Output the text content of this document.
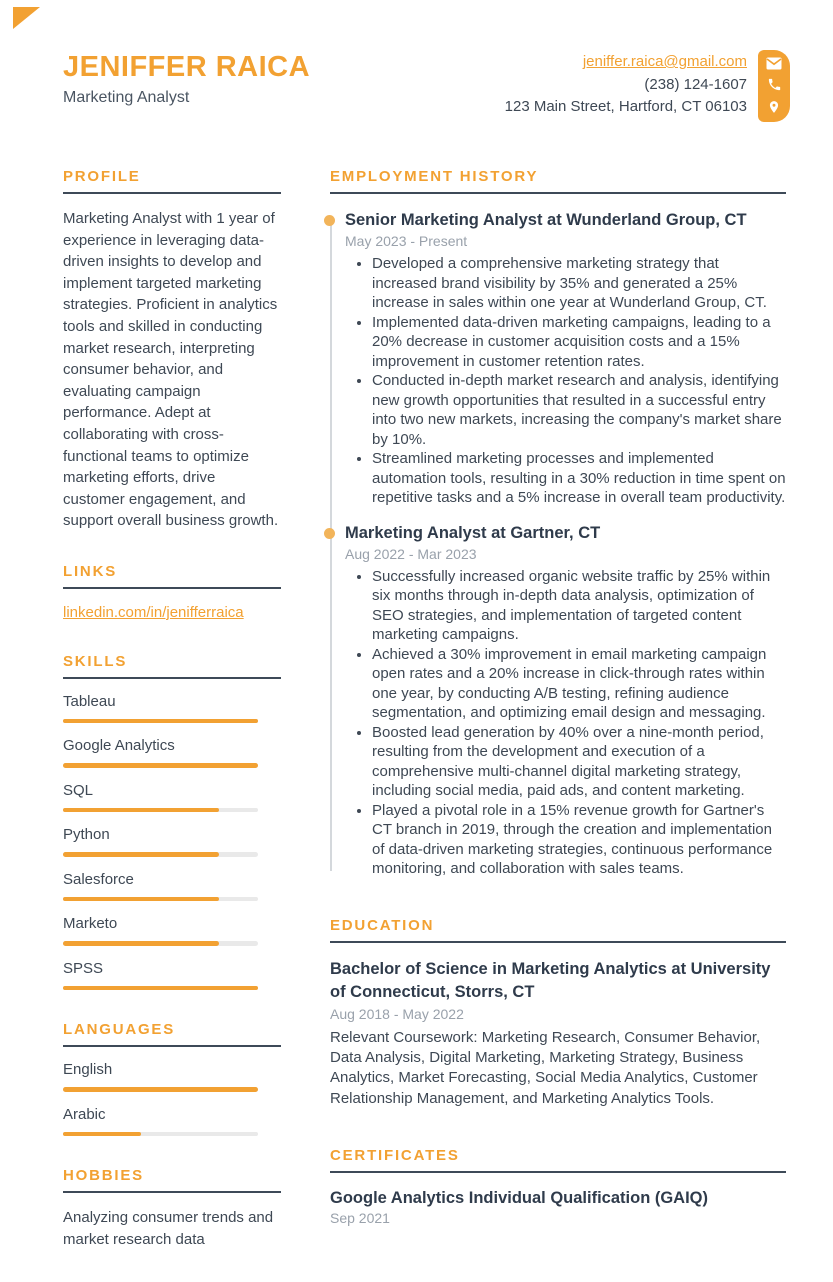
JENIFFER RAICA
Marketing Analyst
jeniffer.raica@gmail.com
(238) 124-1607
123 Main Street, Hartford, CT 06103
PROFILE

Marketing Analyst with 1 year of experience in leveraging data-driven insights to develop and implement targeted marketing strategies. Proficient in analytics tools and skilled in conducting market research, interpreting consumer behavior, and evaluating campaign performance. Adept at collaborating with cross-functional teams to optimize marketing efforts, drive customer engagement, and support overall business growth.

LINKS
linkedin.com/in/jenifferraica
SKILLS
Tableau
Google Analytics
SQL
Python
Salesforce
Marketo
SPSS
LANGUAGES
English
Arabic
HOBBIES

Analyzing consumer trends and market research data

EMPLOYMENT HISTORY
Senior Marketing Analyst at Wunderland Group, CT
May 2023 - Present
• Developed a comprehensive marketing strategy that increased brand visibility by 35% and generated a 25% increase in sales within one year at Wunderland Group, CT.
• Implemented data-driven marketing campaigns, leading to a 20% decrease in customer acquisition costs and a 15% improvement in customer retention rates.
• Conducted in-depth market research and analysis, identifying new growth opportunities that resulted in a successful entry into two new markets, increasing the company's market share by 10%.
• Streamlined marketing processes and implemented automation tools, resulting in a 30% reduction in time spent on repetitive tasks and a 5% increase in overall team productivity.
Marketing Analyst at Gartner, CT
Aug 2022 - Mar 2023
• Successfully increased organic website traffic by 25% within six months through in-depth data analysis, optimization of SEO strategies, and implementation of targeted content marketing campaigns.
• Achieved a 30% improvement in email marketing campaign open rates and a 20% increase in click-through rates within one year, by conducting A/B testing, refining audience segmentation, and optimizing email design and messaging.
• Boosted lead generation by 40% over a nine-month period, resulting from the development and execution of a comprehensive multi-channel digital marketing strategy, including social media, paid ads, and content marketing.
• Played a pivotal role in a 15% revenue growth for Gartner's CT branch in 2019, through the creation and implementation of data-driven marketing strategies, continuous performance monitoring, and collaboration with sales teams.
EDUCATION
Bachelor of Science in Marketing Analytics at University of Connecticut, Storrs, CT
Aug 2018 - May 2022

Relevant Coursework: Marketing Research, Consumer Behavior, Data Analysis, Digital Marketing, Marketing Strategy, Business Analytics, Market Forecasting, Social Media Analytics, Customer Relationship Management, and Marketing Analytics Tools.

CERTIFICATES
Google Analytics Individual Qualification (GAIQ)
Sep 2021
